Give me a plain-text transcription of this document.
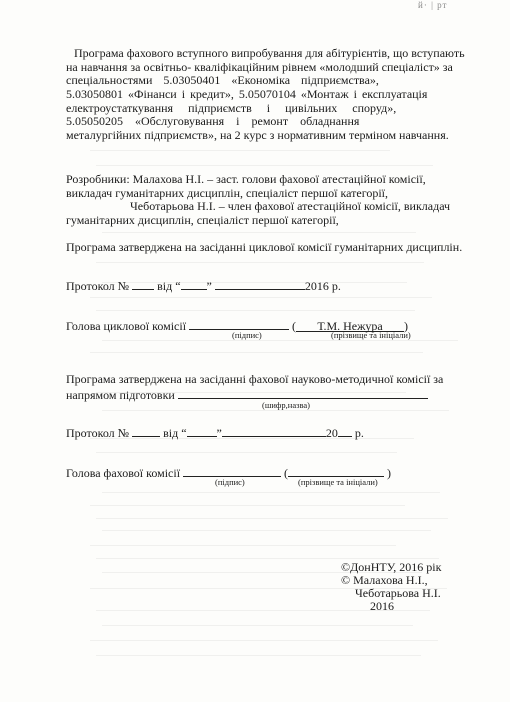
й· | рт
Програма фахового вступного випробування для абітурієнтів, що вступають
на навчання за освітньо- кваліфікаційним рівнем «молодший спеціаліст» за
спеціальностями 5.03050401 «Економіка підприємства»,
5.03050801 «Фінанси і кредит», 5.05070104 «Монтаж і експлуатація
електроустаткування підприємств і цивільних споруд»,
5.05050205 «Обслуговування і ремонт обладнання
металургійних підприємств», на 2 курс з нормативним терміном навчання.
Розробники: Малахова Н.І. – заст. голови фахової атестаційної комісії,
викладач гуманітарних дисциплін, спеціаліст першої категорії,
Чеботарьова Н.І. – член фахової атестаційної комісії, викладач
гуманітарних дисциплін, спеціаліст першої категорії,
Програма затверджена на засіданні циклової комісії гуманітарних дисциплін.
Протокол № від “ ”	2016 р.
Голова циклової комісії	( Т.М. Нежура )
(підпис)	(прізвище та ініціали)
Програма затверджена на засіданні фахової науково-методичної комісії за
напрямом підготовки
(шифр,назва)
Протокол №	від “	”	20 р.
Голова фахової комісії	(	)
(підпис)	(прізвище та ініціали)
©ДонНТУ, 2016 рік
© Малахова Н.І.,
Чеботарьова Н.І.
2016
